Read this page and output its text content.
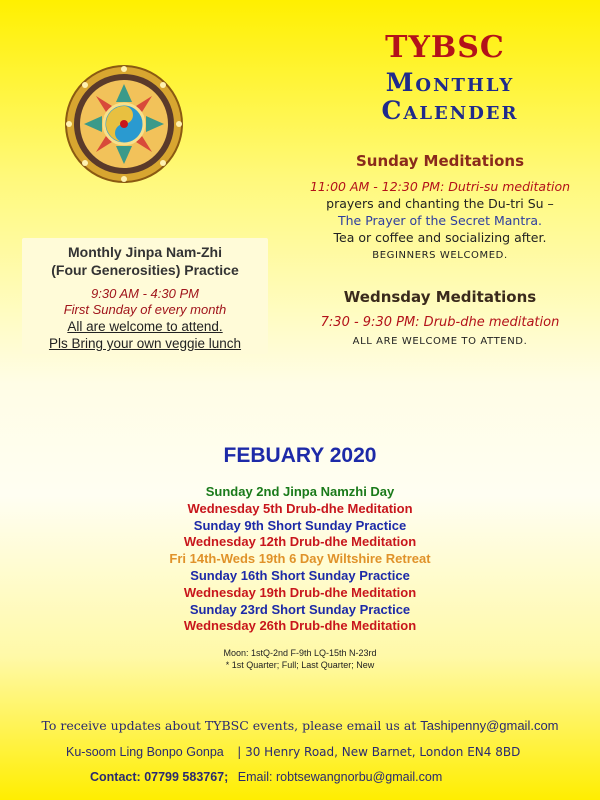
TYBSC
Monthly
Calender
Monthly Jinpa Nam-Zhi
(Four Generosities) Practice
9:30 AM - 4:30 PM
First Sunday of every month
All are welcome to attend.
Pls Bring your own veggie lunch
Sunday Meditations
11:00 AM - 12:30 PM: Dutri-su meditation
prayers and chanting the Du-tri Su –
The Prayer of the Secret Mantra.
Tea or coffee and socializing after.
BEGINNERS WELCOMED.
Wednsday Meditations
7:30 - 9:30 PM: Drub-dhe meditation
ALL ARE WELCOME TO ATTEND.
FEBUARY 2020
Sunday 2nd Jinpa Namzhi Day
Wednesday 5th Drub-dhe Meditation
Sunday 9th Short Sunday Practice
Wednesday 12th Drub-dhe Meditation
Fri 14th-Weds 19th 6 Day Wiltshire Retreat
Sunday 16th Short Sunday Practice
Wednesday 19th Drub-dhe Meditation
Sunday 23rd Short Sunday Practice
Wednesday 26th Drub-dhe Meditation
Moon: 1stQ-2nd F-9th LQ-15th N-23rd
* 1st Quarter; Full; Last Quarter; New
To receive updates about TYBSC events, please email us at Tashipenny@gmail.com
Ku-soom Ling Bonpo Gonpa | 30 Henry Road, New Barnet, London EN4 8BD
Contact: 07799 583767; Email: robtsewangnorbu@gmail.com
